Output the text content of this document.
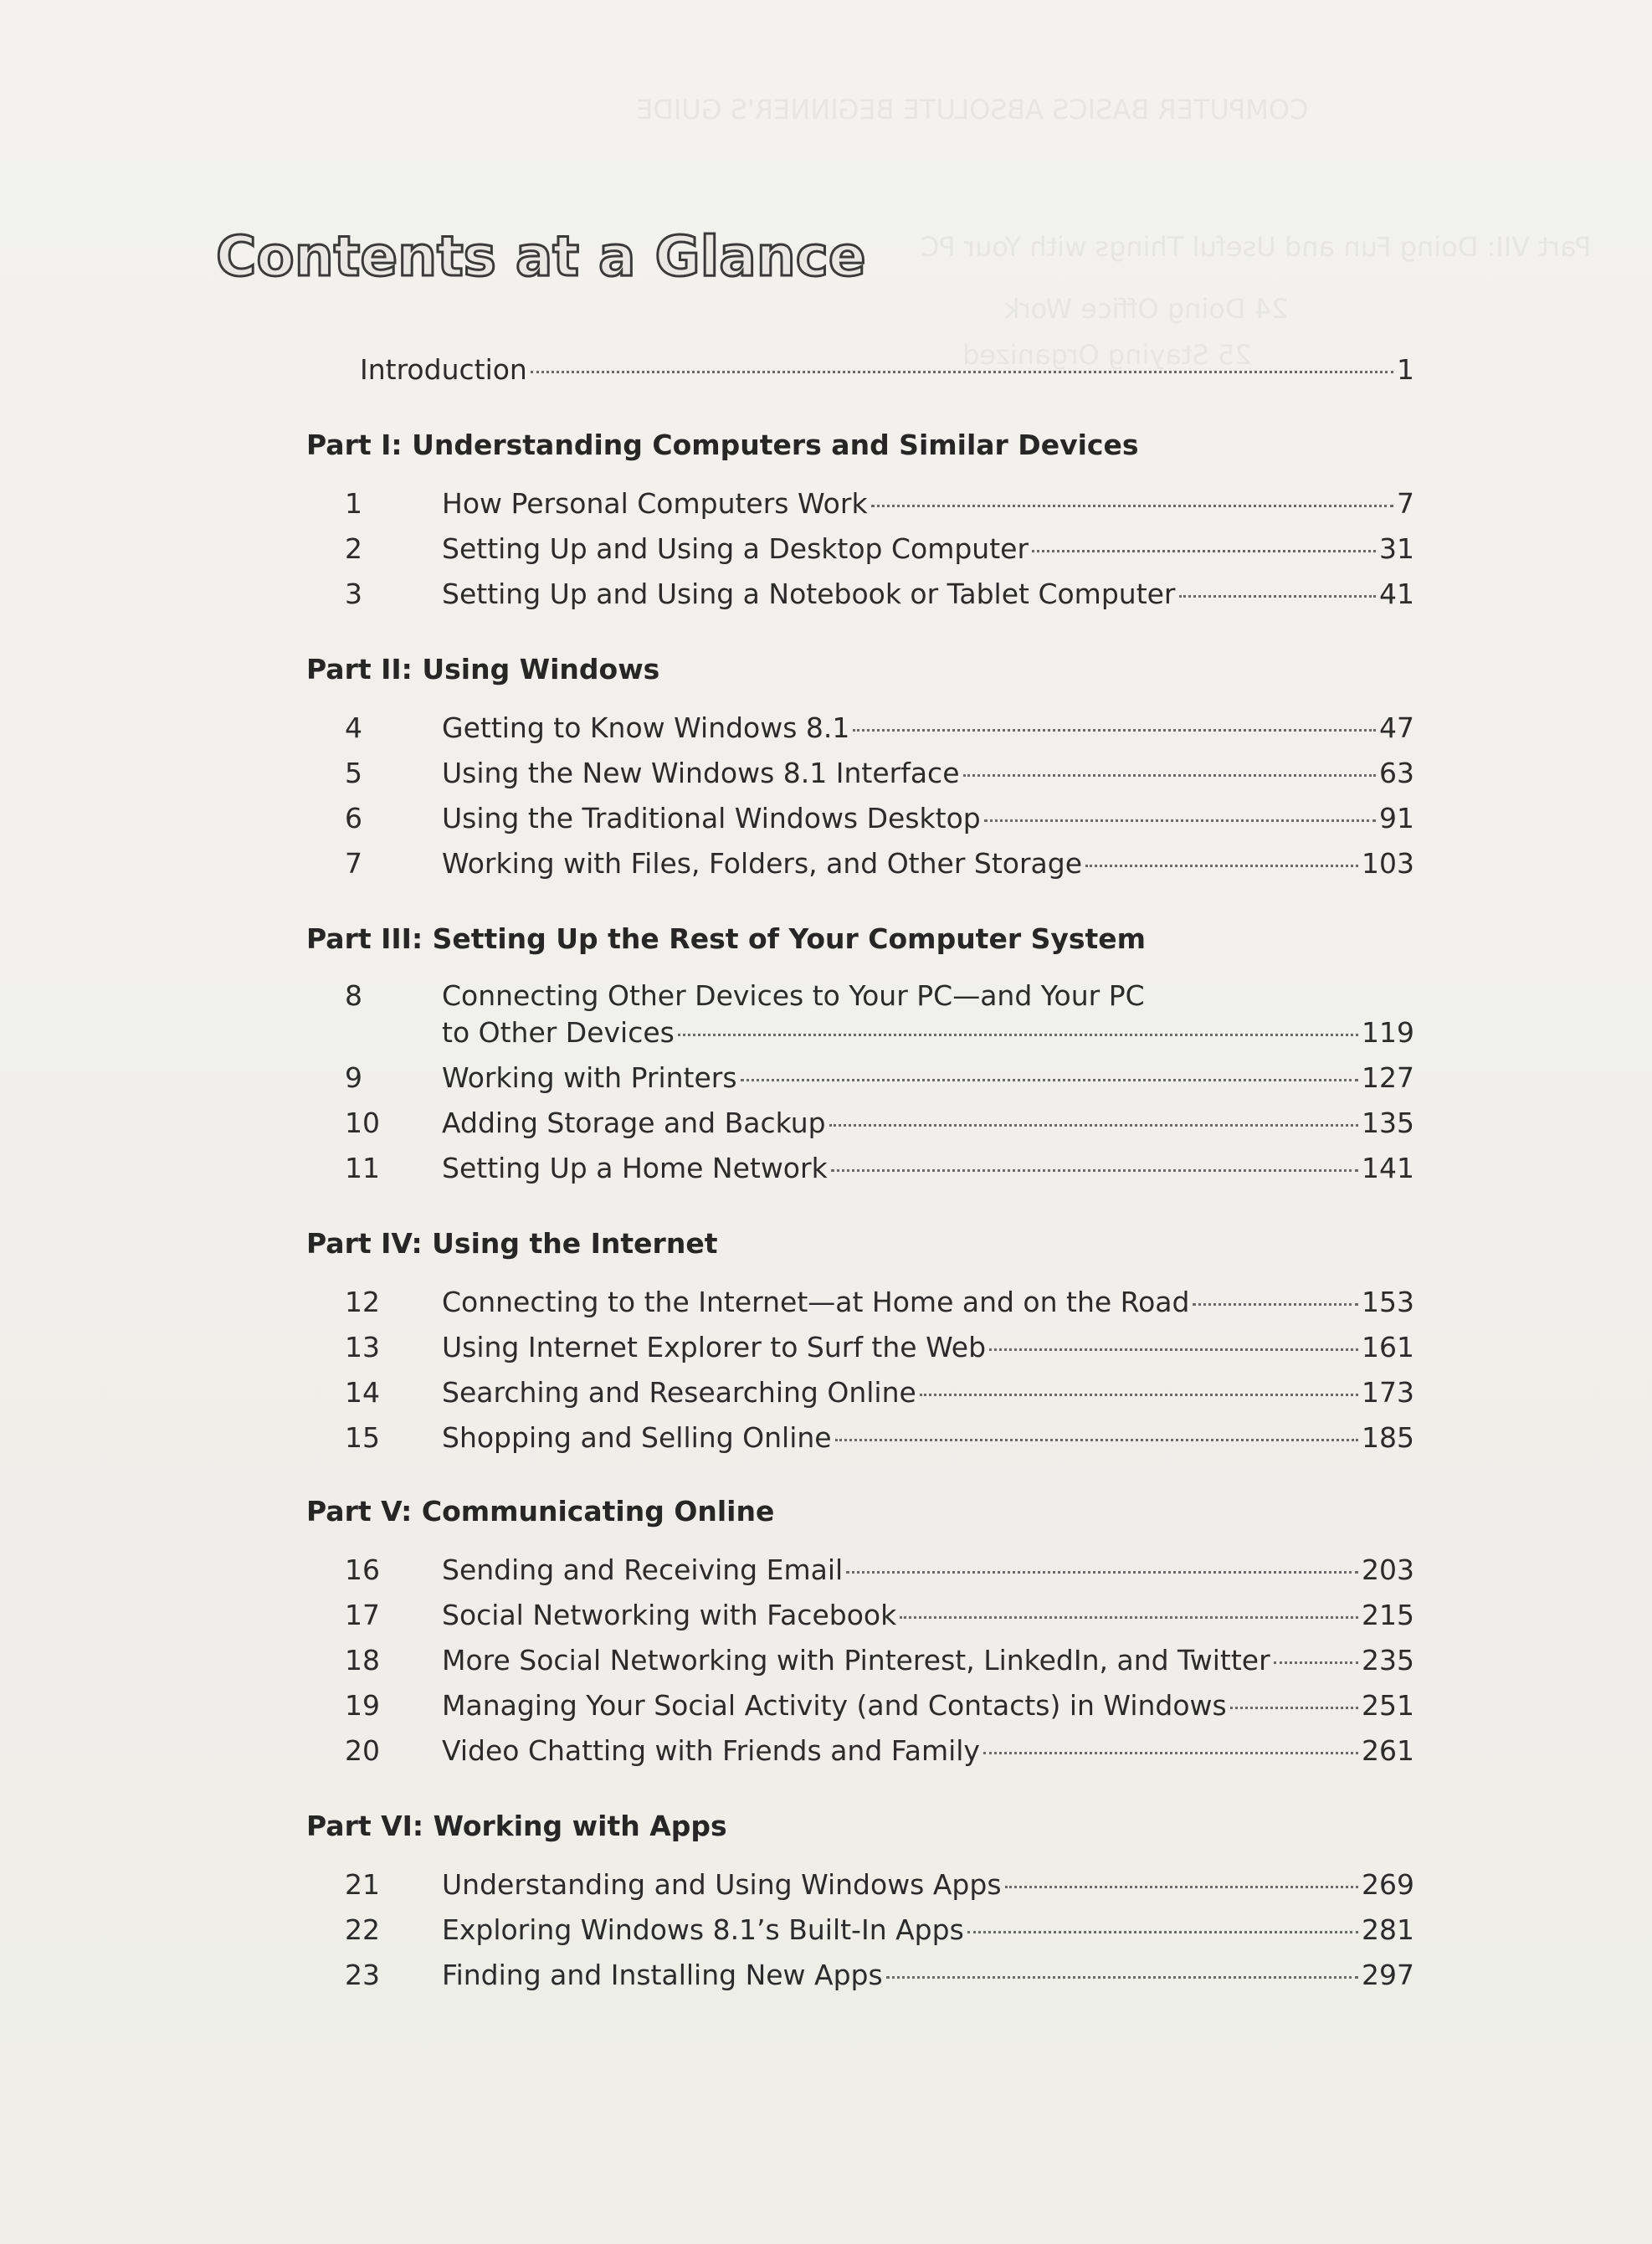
COMPUTER BASICS ABSOLUTE BEGINNER'S GUIDE
Part VII: Doing Fun and Useful Things with Your PC
24 Doing Office Work
25 Staying Organized
Contents at a Glance
Introduction	1
Part I: Understanding Computers and Similar Devices
1	How Personal Computers Work	7
2	Setting Up and Using a Desktop Computer	31
3	Setting Up and Using a Notebook or Tablet Computer	41
Part II: Using Windows
4	Getting to Know Windows 8.1	47
5	Using the New Windows 8.1 Interface	63
6	Using the Traditional Windows Desktop	91
7	Working with Files, Folders, and Other Storage	103
Part III: Setting Up the Rest of Your Computer System
8	Connecting Other Devices to Your PC—and Your PC
to Other Devices	119
9	Working with Printers	127
10	Adding Storage and Backup	135
11	Setting Up a Home Network	141
Part IV: Using the Internet
12	Connecting to the Internet—at Home and on the Road	153
13	Using Internet Explorer to Surf the Web	161
14	Searching and Researching Online	173
15	Shopping and Selling Online	185
Part V: Communicating Online
16	Sending and Receiving Email	203
17	Social Networking with Facebook	215
18	More Social Networking with Pinterest, LinkedIn, and Twitter	235
19	Managing Your Social Activity (and Contacts) in Windows	251
20	Video Chatting with Friends and Family	261
Part VI: Working with Apps
21	Understanding and Using Windows Apps	269
22	Exploring Windows 8.1’s Built-In Apps	281
23	Finding and Installing New Apps	297
